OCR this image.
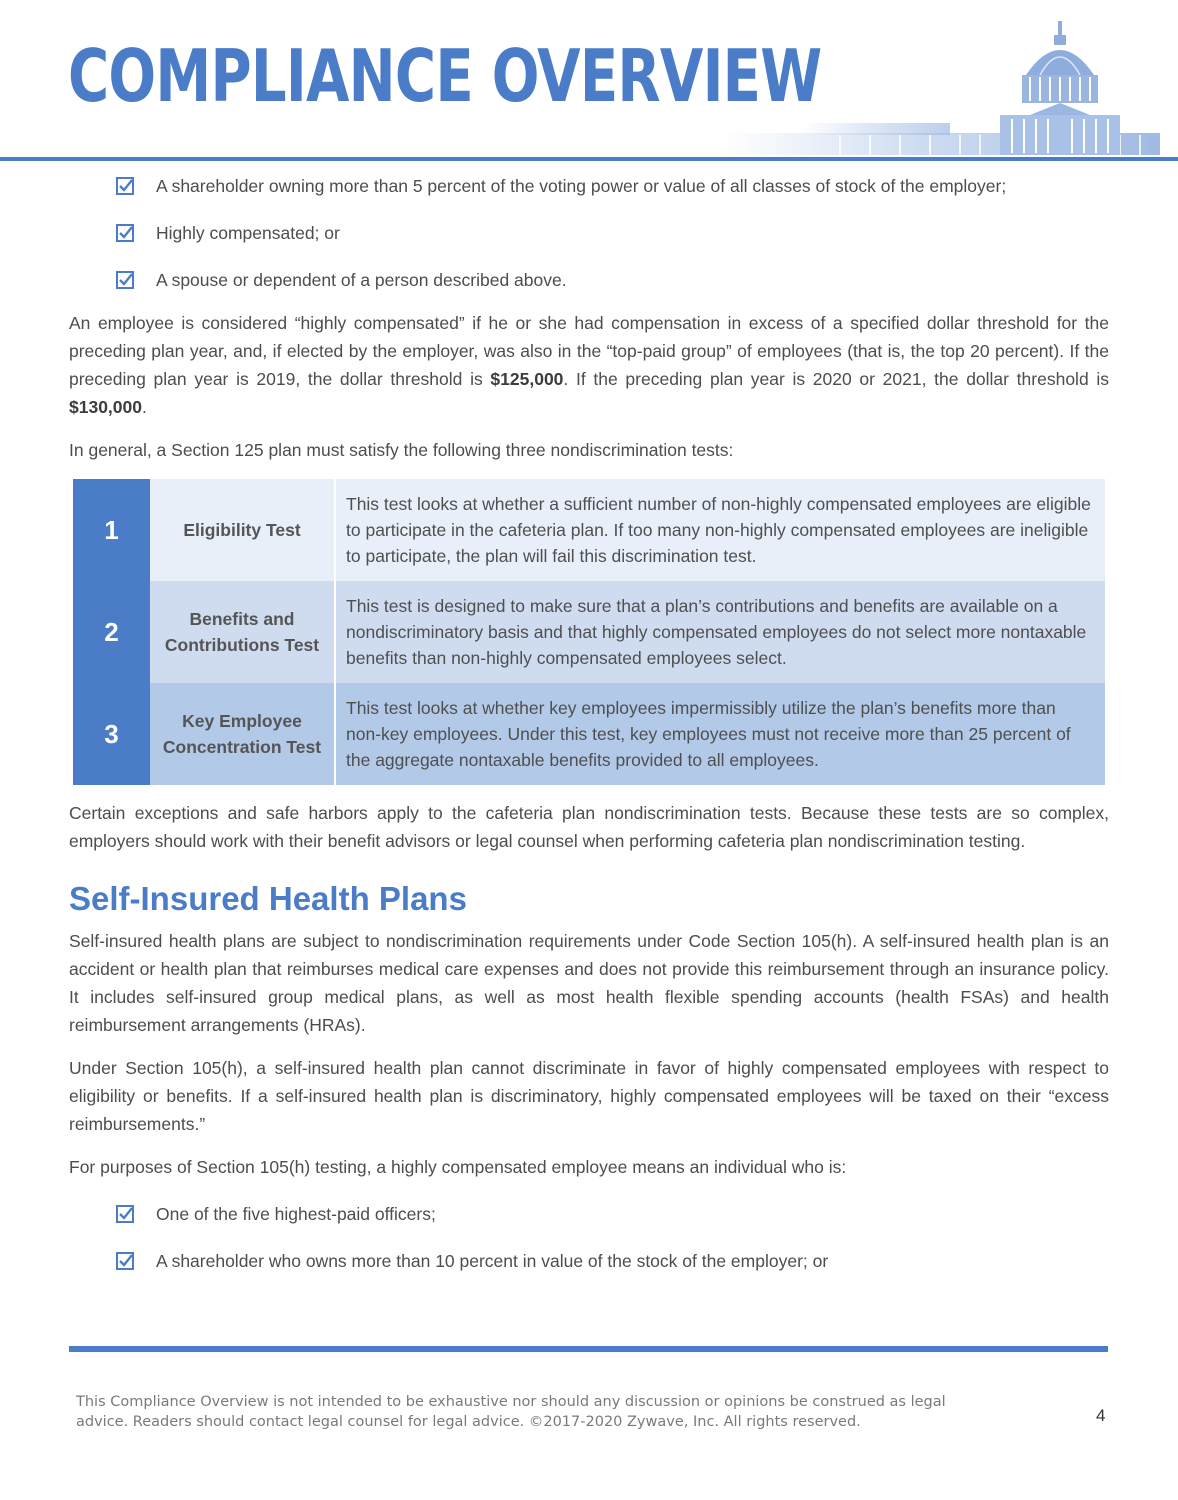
COMPLIANCE OVERVIEW
A shareholder owning more than 5 percent of the voting power or value of all classes of stock of the employer;
Highly compensated; or
A spouse or dependent of a person described above.

An employee is considered “highly compensated” if he or she had compensation in excess of a specified dollar threshold for the preceding plan year, and, if elected by the employer, was also in the “top-paid group” of employees (that is, the top 20 percent). If the preceding plan year is 2019, the dollar threshold is $125,000. If the preceding plan year is 2020 or 2021, the dollar threshold is $130,000.

In general, a Section 125 plan must satisfy the following three nondiscrimination tests:

1	Eligibility Test	This test looks at whether a sufficient number of non-highly compensated employees are eligible to participate in the cafeteria plan. If too many non-highly compensated employees are ineligible to participate, the plan will fail this discrimination test.
2	Benefits and Contributions Test	This test is designed to make sure that a plan’s contributions and benefits are available on a nondiscriminatory basis and that highly compensated employees do not select more nontaxable benefits than non-highly compensated employees select.
3	Key Employee Concentration Test	This test looks at whether key employees impermissibly utilize the plan’s benefits more than non-key employees. Under this test, key employees must not receive more than 25 percent of the aggregate nontaxable benefits provided to all employees.

Certain exceptions and safe harbors apply to the cafeteria plan nondiscrimination tests. Because these tests are so complex, employers should work with their benefit advisors or legal counsel when performing cafeteria plan nondiscrimination testing.

Self-Insured Health Plans

Self-insured health plans are subject to nondiscrimination requirements under Code Section 105(h). A self-insured health plan is an accident or health plan that reimburses medical care expenses and does not provide this reimbursement through an insurance policy. It includes self-insured group medical plans, as well as most health flexible spending accounts (health FSAs) and health reimbursement arrangements (HRAs).

Under Section 105(h), a self-insured health plan cannot discriminate in favor of highly compensated employees with respect to eligibility or benefits. If a self-insured health plan is discriminatory, highly compensated employees will be taxed on their “excess reimbursements.”

For purposes of Section 105(h) testing, a highly compensated employee means an individual who is:

One of the five highest-paid officers;
A shareholder who owns more than 10 percent in value of the stock of the employer; or
This Compliance Overview is not intended to be exhaustive nor should any discussion or opinions be construed as legal advice. Readers should contact legal counsel for legal advice. ©2017-2020 Zywave, Inc. All rights reserved.	4
